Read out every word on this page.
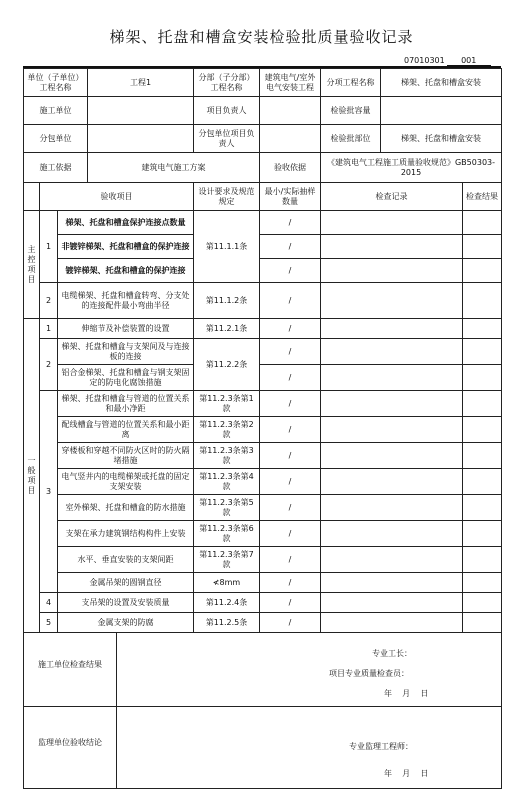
梯架、托盘和槽盒安装检验批质量验收记录
07010301 001
单位（子单位）工程名称			工程1	分部（子分部）工程名称	建筑电气/室外电气安装工程	分项工程名称	梯架、托盘和槽盒安装	
施工单位				项目负责人		检验批容量		
分包单位				分包单位项目负责人		检验批部位	梯架、托盘和槽盒安装	
施工依据			建筑电气施工方案		验收依据	《建筑电气工程施工质量验收规范》GB50303-2015		
	验收项目			设计要求及规范规定	最小/实际抽样数量	检查记录		检查结果
主控项目	1	梯架、托盘和槽盒保护连接点数量		第11.1.1条	/			
		非镀锌梯架、托盘和槽盒的保护连接			/			
		镀锌梯架、托盘和槽盒的保护连接			/			
	2	电缆梯架、托盘和槽盒转弯、分支处的连接配件最小弯曲半径		第11.1.2条	/			
一般项目	1	伸缩节及补偿装置的设置		第11.2.1条	/			
	2	梯架、托盘和槽盒与支架间及与连接板的连接		第11.2.2条	/			
		铝合金梯架、托盘和槽盒与钢支架固定的防电化腐蚀措施			/			
	3	梯架、托盘和槽盒与管道的位置关系和最小净距		第11.2.3条第1款	/			
		配线槽盒与管道的位置关系和最小距离		第11.2.3条第2款	/			
		穿楼板和穿越不同防火区时的防火隔堵措施		第11.2.3条第3款	/			
		电气竖井内的电缆梯架或托盘的固定支架安装		第11.2.3条第4款	/			
		室外梯架、托盘和槽盒的防水措施		第11.2.3条第5款	/			
		支架在承力建筑钢结构构件上安装		第11.2.3条第6款	/			
		水平、垂直安装的支架间距		第11.2.3条第7款	/			
		金属吊架的圆钢直径		≮8mm	/			
	4	支吊架的设置及安装质量		第11.2.4条	/			
	5	金属支架的防腐		第11.2.5条	/			

施工单位检查结果
专业工长：
项目专业质量检查员：
年    月    日								

监理单位验收结论 专业监理工程师：
年    月    日								
